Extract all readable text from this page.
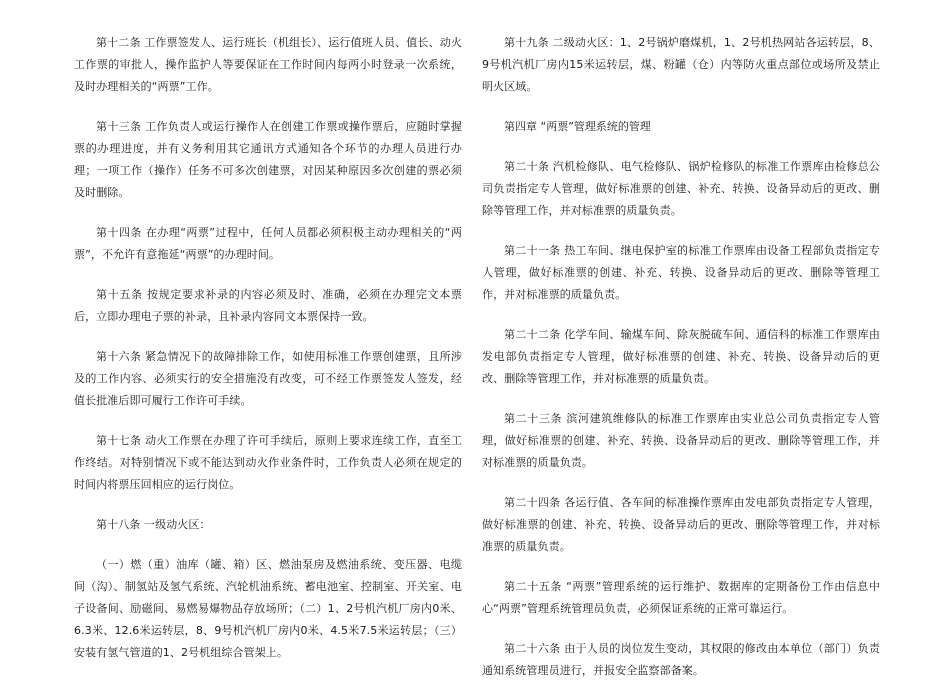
第十二条 工作票签发人、运行班长（机组长）、运行值班人员、值长、动火工作票的审批人，操作监护人等要保证在工作时间内每两小时登录一次系统，及时办理相关的“两票”工作。

第十三条 工作负责人或运行操作人在创建工作票或操作票后，应随时掌握票的办理进度，并有义务利用其它通讯方式通知各个环节的办理人员进行办理；一项工作（操作）任务不可多次创建票，对因某种原因多次创建的票必须及时删除。

第十四条 在办理“两票”过程中，任何人员都必须积极主动办理相关的“两票”，不允许有意拖延“两票”的办理时间。

第十五条 按规定要求补录的内容必须及时、准确，必须在办理完文本票后，立即办理电子票的补录，且补录内容同文本票保持一致。

第十六条 紧急情况下的故障排除工作，如使用标准工作票创建票，且所涉及的工作内容、必须实行的安全措施没有改变，可不经工作票签发人签发，经值长批准后即可履行工作许可手续。

第十七条 动火工作票在办理了许可手续后，原则上要求连续工作，直至工作终结。对特别情况下或不能达到动火作业条件时，工作负责人必须在规定的时间内将票压回相应的运行岗位。

第十八条 一级动火区：

（一）燃（重）油库（罐、箱）区、燃油泵房及燃油系统、变压器、电缆间（沟）、制氢站及氢气系统、汽轮机油系统、蓄电池室、控制室、开关室、电子设备间、励磁间、易燃易爆物品存放场所；（二）1、2号机汽机厂房内0米、6.3米、12.6米运转层，8、9号机汽机厂房内0米、4.5米7.5米运转层；（三）安装有氢气管道的1、2号机组综合管架上。

第十九条 二级动火区：1、2号锅炉磨煤机，1、2号机热网站各运转层，8、9号机汽机厂房内15米运转层，煤、粉罐（仓）内等防火重点部位或场所及禁止明火区域。

第四章 “两票”管理系统的管理

第二十条 汽机检修队、电气检修队、锅炉检修队的标准工作票库由检修总公司负责指定专人管理，做好标准票的创建、补充、转换、设备异动后的更改、删除等管理工作，并对标准票的质量负责。

第二十一条 热工车间、继电保护室的标准工作票库由设备工程部负责指定专人管理，做好标准票的创建、补充、转换、设备异动后的更改、删除等管理工作，并对标准票的质量负责。

第二十二条 化学车间、输煤车间、除灰脱硫车间、通信科的标准工作票库由发电部负责指定专人管理，做好标准票的创建、补充、转换、设备异动后的更改、删除等管理工作，并对标准票的质量负责。

第二十三条 滨河建筑维修队的标准工作票库由实业总公司负责指定专人管理，做好标准票的创建、补充、转换、设备异动后的更改、删除等管理工作，并对标准票的质量负责。

第二十四条 各运行值、各车间的标准操作票库由发电部负责指定专人管理，做好标准票的创建、补充、转换、设备异动后的更改、删除等管理工作，并对标准票的质量负责。

第二十五条 “两票”管理系统的运行维护、数据库的定期备份工作由信息中心“两票”管理系统管理员负责，必须保证系统的正常可靠运行。

第二十六条 由于人员的岗位发生变动，其权限的修改由本单位（部门）负责通知系统管理员进行，并报安全监察部备案。
